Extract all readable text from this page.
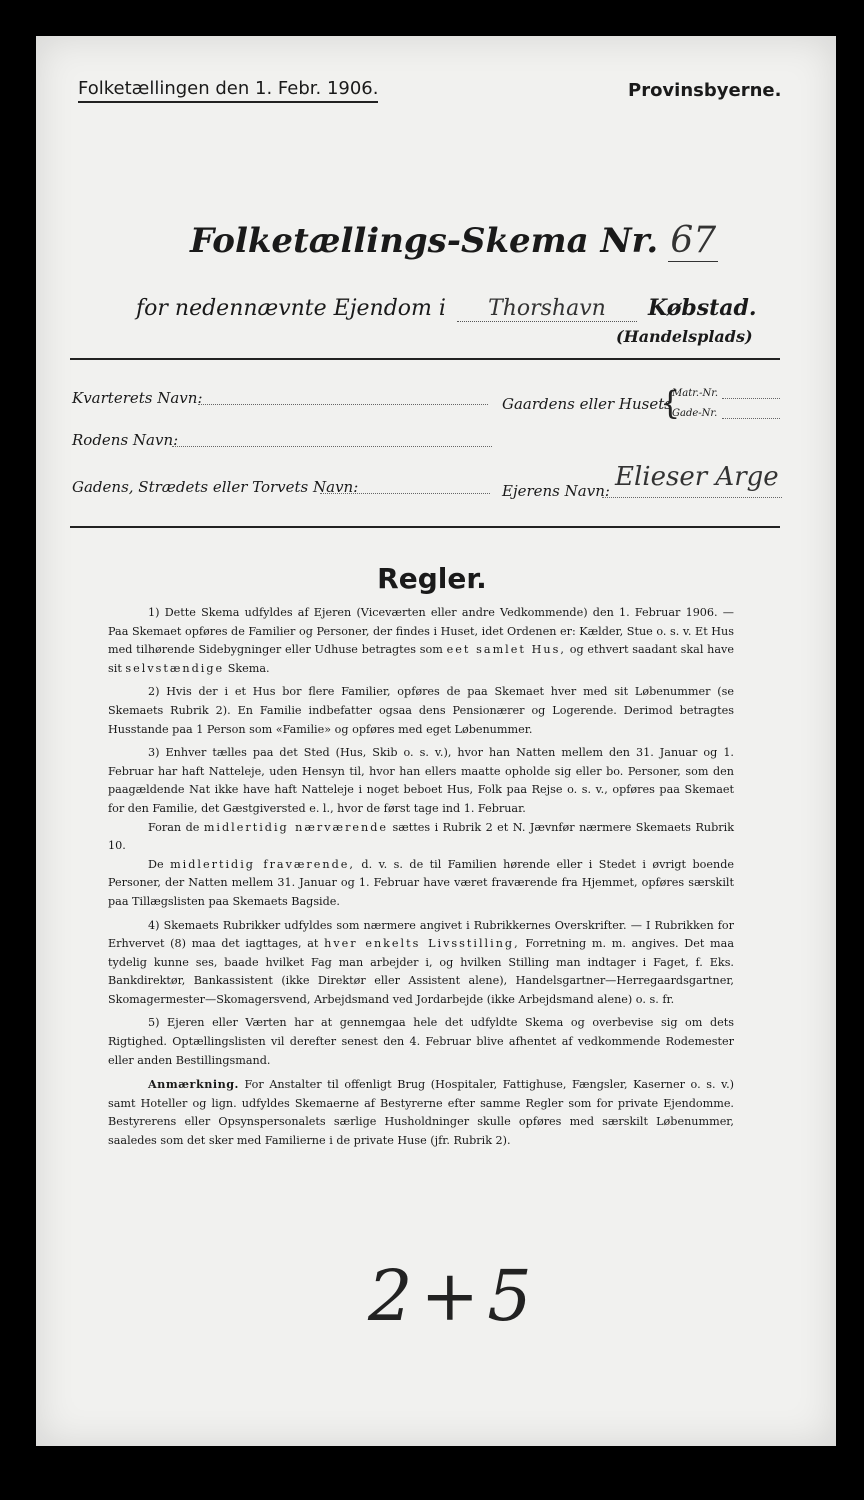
Folketællingen den 1. Febr. 1906.	Provinsbyerne.
Folketællings-Skema Nr. 67
for nedennævnte Ejendom i Thorshavn Købstad.
(Handelsplads)
Kvarterets Navn:	Gaardens eller Husets
{
Matr.-Nr.
Gade-Nr.
Rodens Navn:
Gadens, Strædets eller Torvets Navn:	Ejerens Navn: Elieser Arge
Regler.

1) Dette Skema udfyldes af Ejeren (Viceværten eller andre Vedkommende) den 1. Februar 1906. — Paa Skemaet opføres de Familier og Personer, der findes i Huset, idet Ordenen er: Kælder, Stue o. s. v. Et Hus med tilhørende Sidebygninger eller Udhuse betragtes som eet samlet Hus, og ethvert saadant skal have sit selvstændige Skema.

2) Hvis der i et Hus bor flere Familier, opføres de paa Skemaet hver med sit Løbenummer (se Skemaets Rubrik 2). En Familie indbefatter ogsaa dens Pensionærer og Logerende. Derimod betragtes Husstande paa 1 Person som «Familie» og opføres med eget Løbenummer.

3) Enhver tælles paa det Sted (Hus, Skib o. s. v.), hvor han Natten mellem den 31. Januar og 1. Februar har haft Natteleje, uden Hensyn til, hvor han ellers maatte opholde sig eller bo. Personer, som den paagældende Nat ikke have haft Natteleje i noget beboet Hus, Folk paa Rejse o. s. v., opføres paa Skemaet for den Familie, det Gæstgiversted e. l., hvor de først tage ind 1. Februar.

Foran de midlertidig nærværende sættes i Rubrik 2 et N. Jævnfør nærmere Skemaets Rubrik 10.

De midlertidig fraværende, d. v. s. de til Familien hørende eller i Stedet i øvrigt boende Personer, der Natten mellem 31. Januar og 1. Februar have været fraværende fra Hjemmet, opføres særskilt paa Tillægslisten paa Skemaets Bagside.

4) Skemaets Rubrikker udfyldes som nærmere angivet i Rubrikkernes Overskrifter. — I Rubrikken for Erhvervet (8) maa det iagttages, at hver enkelts Livsstilling, Forretning m. m. angives. Det maa tydelig kunne ses, baade hvilket Fag man arbejder i, og hvilken Stilling man indtager i Faget, f. Eks. Bankdirektør, Bankassistent (ikke Direktør eller Assistent alene), Handelsgartner—Herregaardsgartner, Skomagermester—Skomagersvend, Arbejdsmand ved Jordarbejde (ikke Arbejdsmand alene) o. s. fr.

5) Ejeren eller Værten har at gennemgaa hele det udfyldte Skema og overbevise sig om dets Rigtighed. Optællingslisten vil derefter senest den 4. Februar blive afhentet af vedkommende Rodemester eller anden Bestillingsmand.

Anmærkning. For Anstalter til offenligt Brug (Hospitaler, Fattighuse, Fængsler, Kaserner o. s. v.) samt Hoteller og lign. udfyldes Skemaerne af Bestyrerne efter samme Regler som for private Ejendomme. Bestyrerens eller Opsynspersonalets særlige Husholdninger skulle opføres med særskilt Løbenummer, saaledes som det sker med Familierne i de private Huse (jfr. Rubrik 2).

2+5
